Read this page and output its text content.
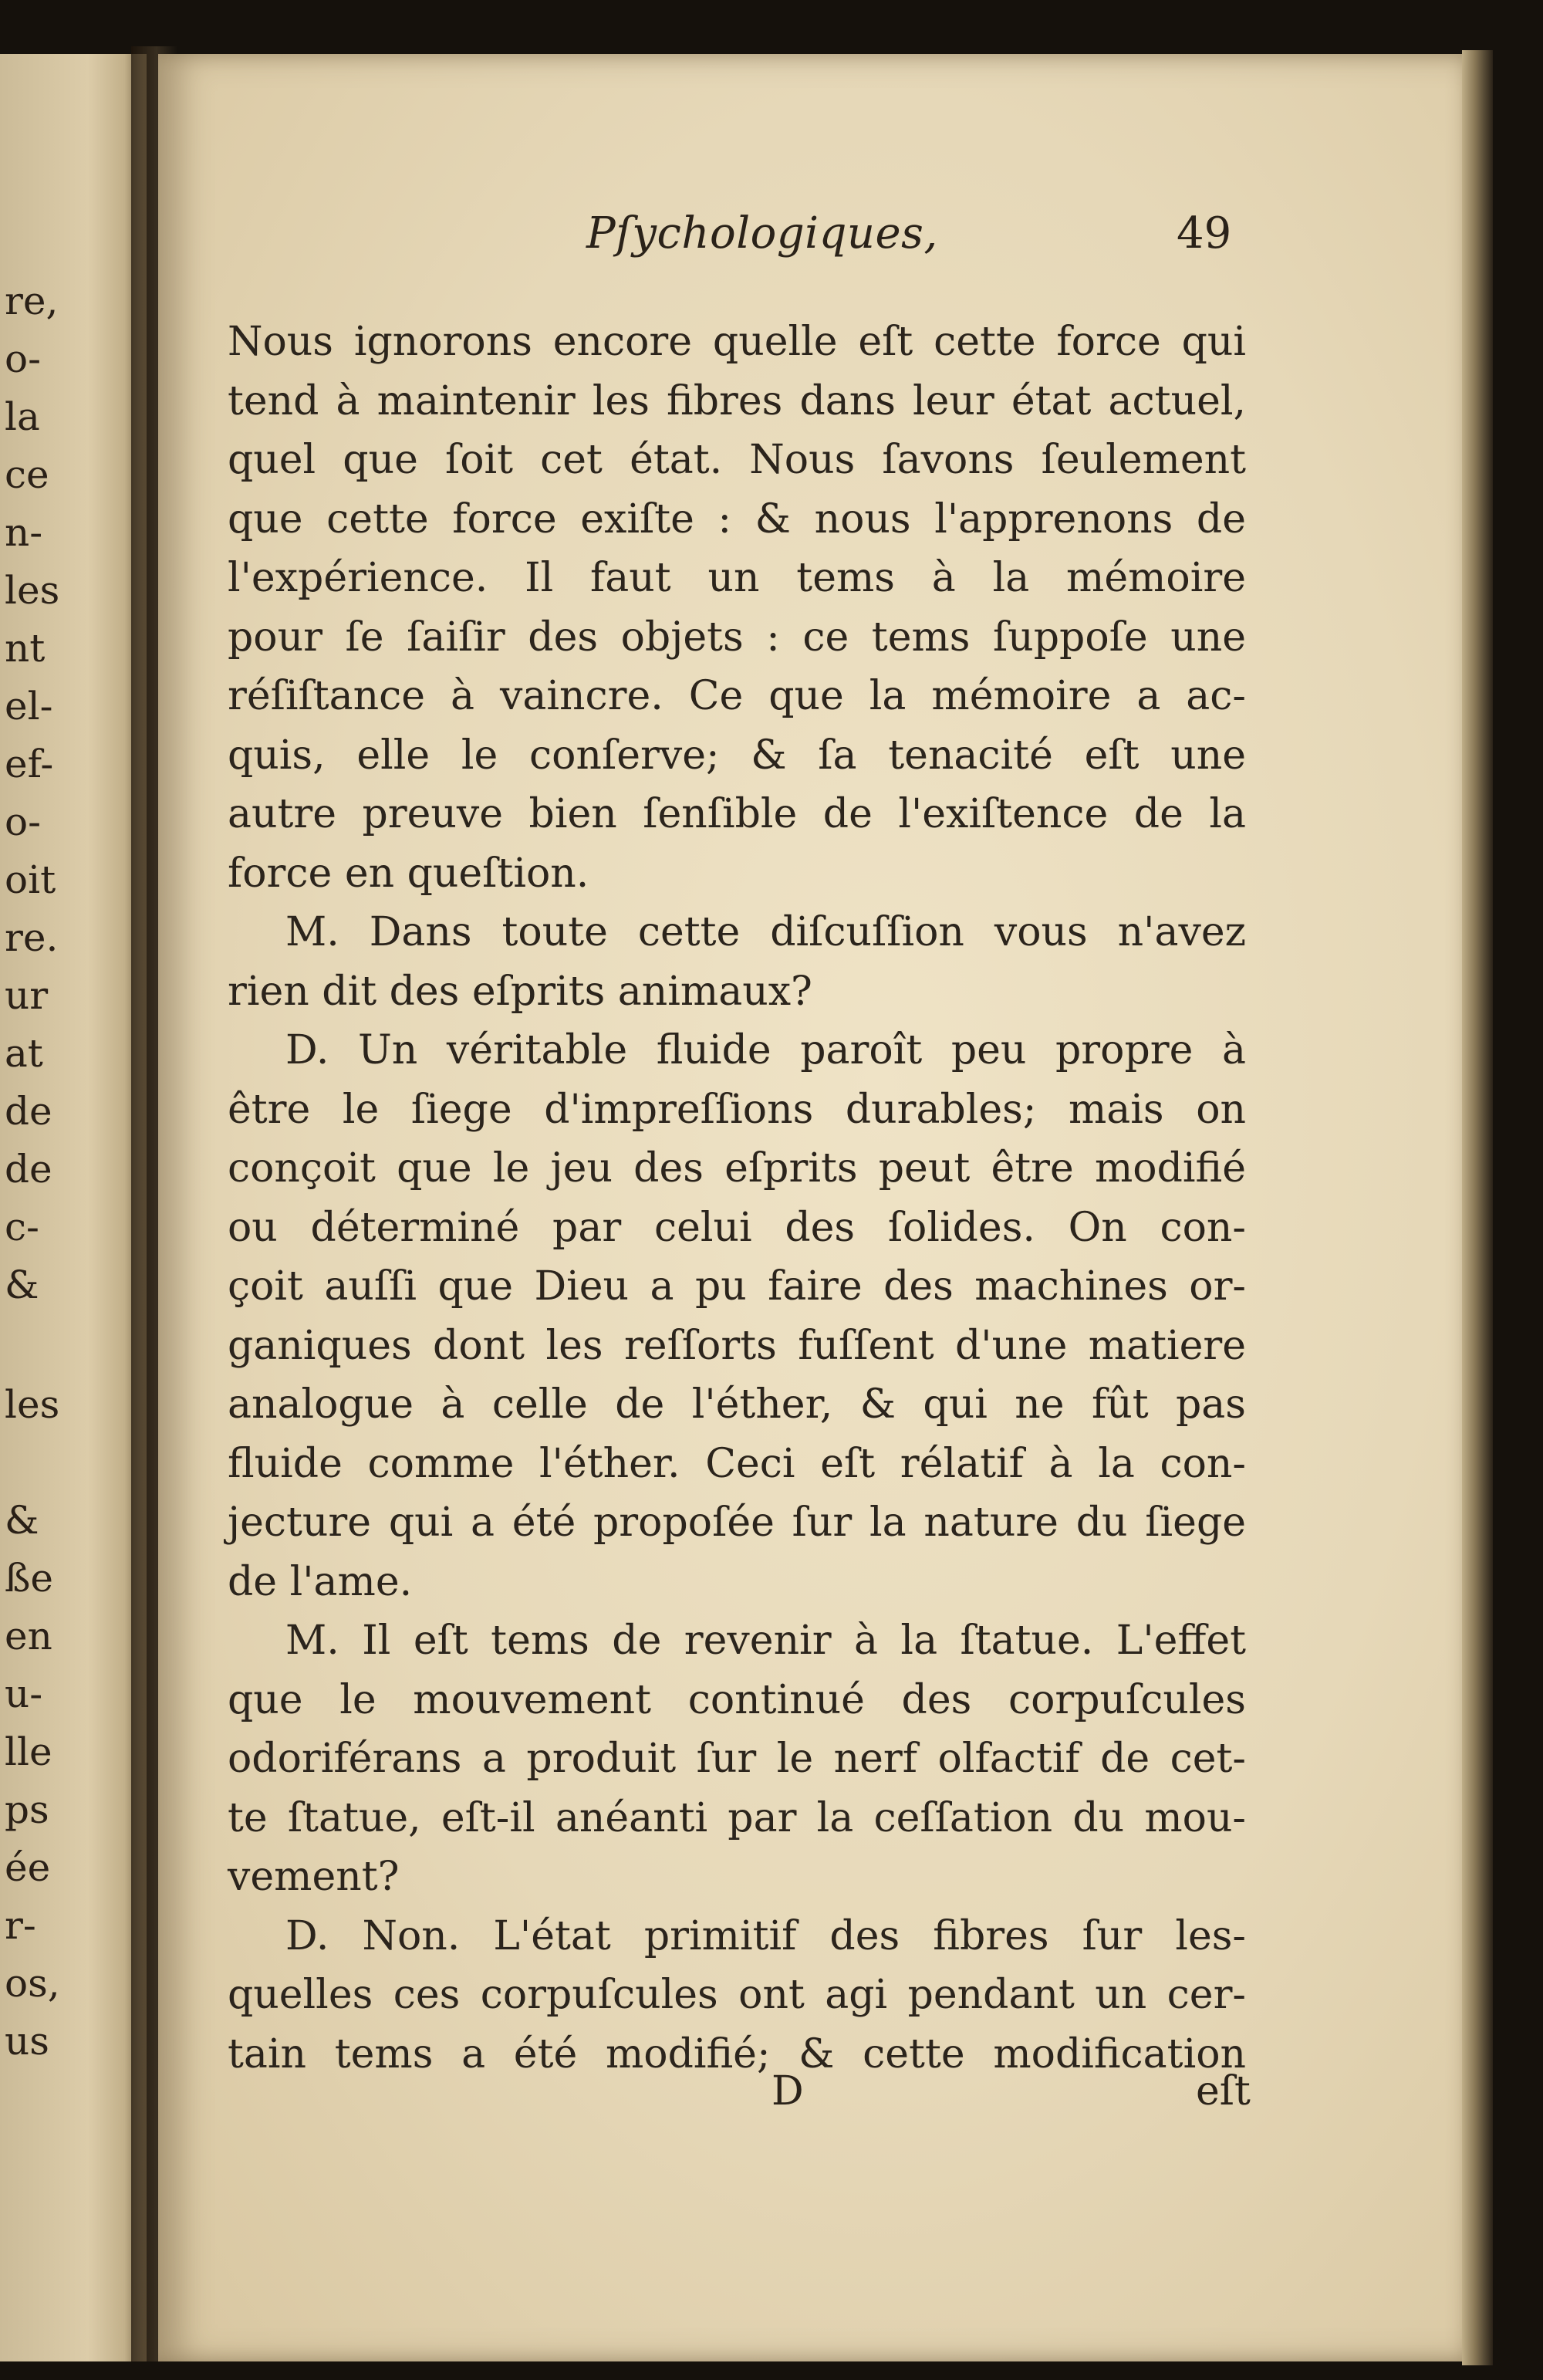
re,
o-
la
ce
n-
les
nt
el-
ef-
o-
oit
re.
ur
at
de
de
c-
&
les
&
ße
en
u-
lle
ps
ée
r-
os,
us
Pſychologiques,	49
Nous ignorons encore quelle eſt cette force qui
tend à maintenir les fibres dans leur état actuel,
quel que ſoit cet état. Nous ſavons ſeulement
que cette force exiſte : & nous l'apprenons de
l'expérience. Il faut un tems à la mémoire
pour ſe ſaiſir des objets : ce tems ſuppoſe une
réſiſtance à vaincre. Ce que la mémoire a ac-
quis, elle le conſerve; & ſa tenacité eſt une
autre preuve bien ſenſible de l'exiſtence de la
force en queſtion.
M. Dans toute cette diſcuſſion vous n'avez
rien dit des eſprits animaux?
D. Un véritable fluide paroît peu propre à
être le ſiege d'impreſſions durables; mais on
conçoit que le jeu des eſprits peut être modifié
ou déterminé par celui des ſolides. On con-
çoit auſſi que Dieu a pu faire des machines or-
ganiques dont les reſſorts fuſſent d'une matiere
analogue à celle de l'éther, & qui ne fût pas
fluide comme l'éther. Ceci eſt rélatif à la con-
jecture qui a été propoſée ſur la nature du ſiege
de l'ame.
M. Il eſt tems de revenir à la ſtatue. L'effet
que le mouvement continué des corpuſcules
odoriférans a produit ſur le nerf olfactif de cet-
te ſtatue, eſt-il anéanti par la ceſſation du mou-
vement?
D. Non. L'état primitif des fibres ſur les-
quelles ces corpuſcules ont agi pendant un cer-
tain tems a été modifié; & cette modification
D	eſt
